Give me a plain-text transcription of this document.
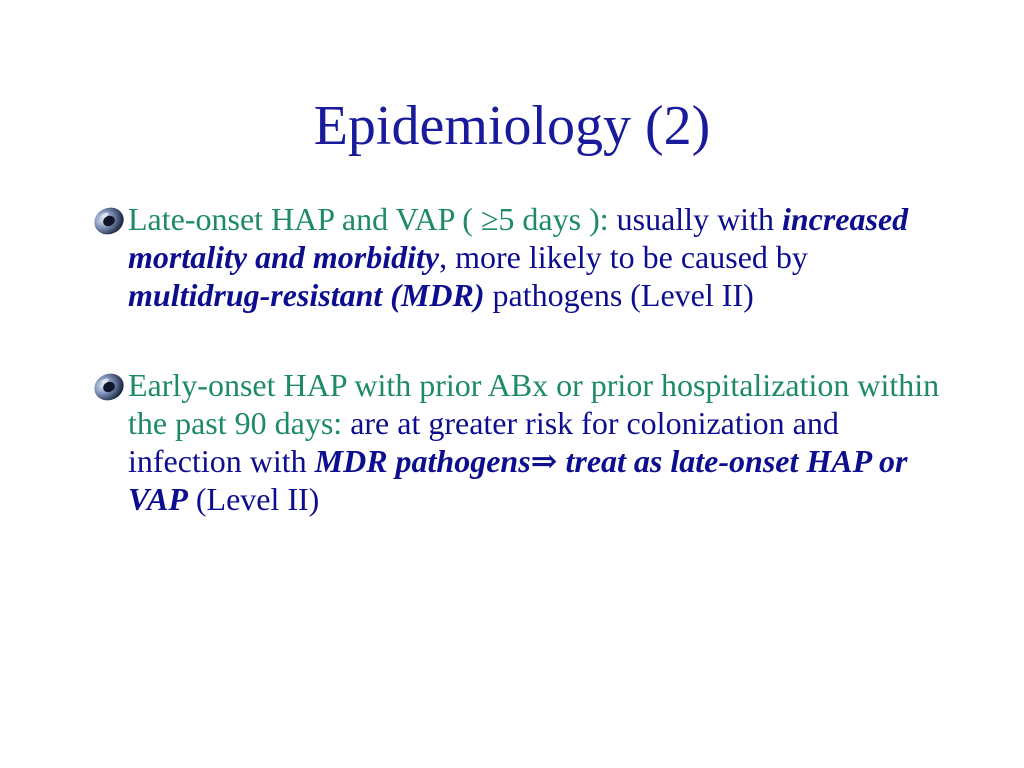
Epidemiology (2)
Late-onset HAP and VAP ( ≥5 days ): usually with increased mortality and morbidity, more likely to be caused by multidrug-resistant (MDR) pathogens (Level II)
Early-onset HAP with prior ABx or prior hospitalization within the past 90 days: are at greater risk for colonization and infection with MDR pathogens⇒ treat as late-onset HAP or VAP (Level II)
